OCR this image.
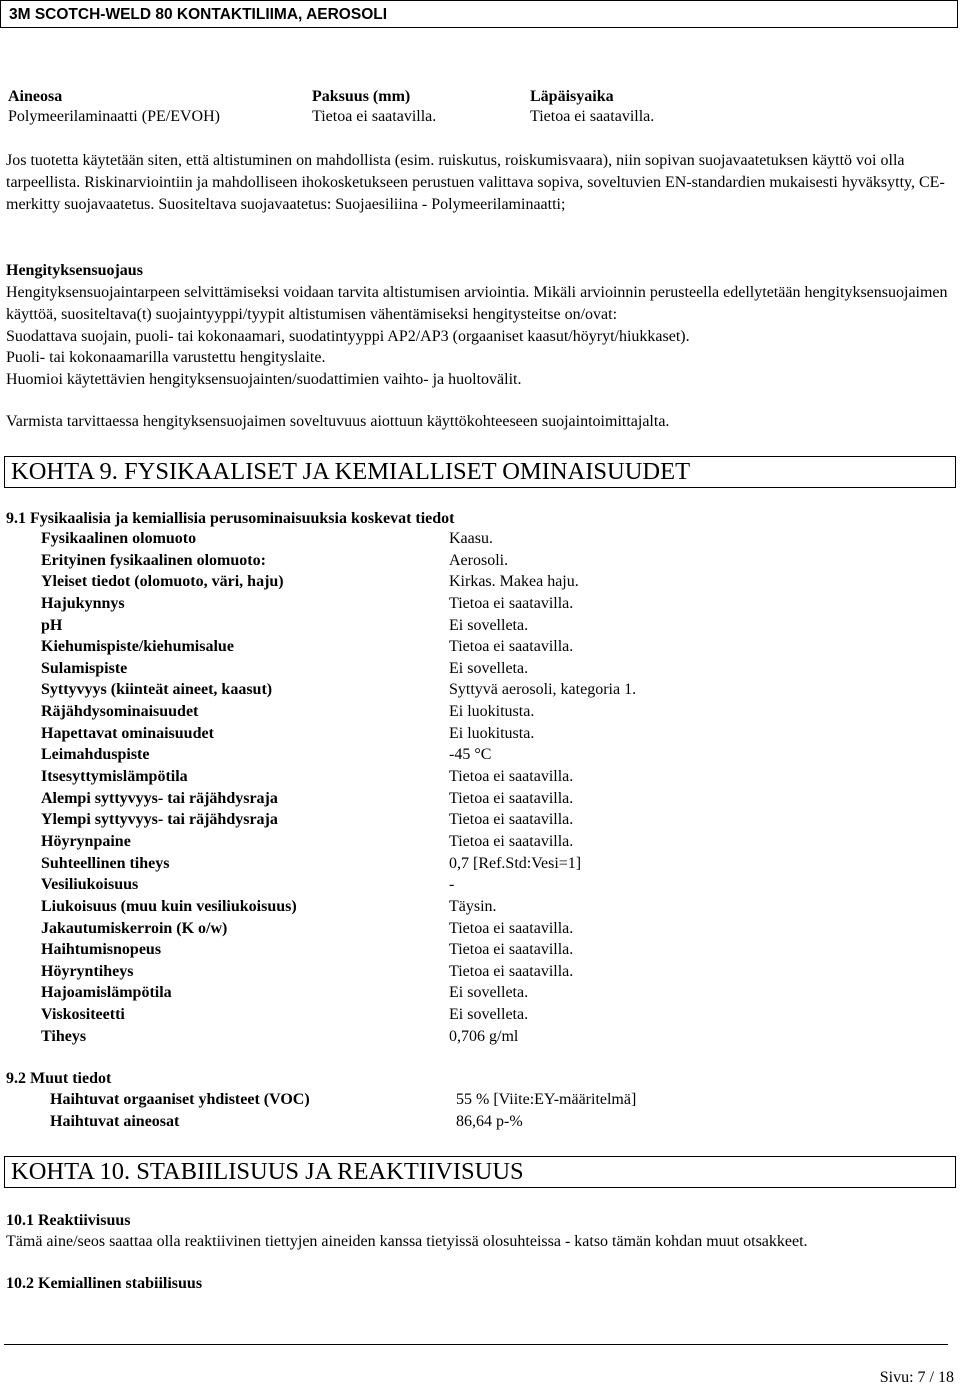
3M SCOTCH-WELD 80 KONTAKTILIIMA, AEROSOLI
Aineosa	Paksuus (mm)	Läpäisyaika
Polymeerilaminaatti (PE/EVOH)	Tietoa ei saatavilla.	Tietoa ei saatavilla.
Jos tuotetta käytetään siten, että altistuminen on mahdollista (esim. ruiskutus, roiskumisvaara), niin sopivan suojavaatetuksen käyttö voi olla tarpeellista. Riskinarviointiin ja mahdolliseen ihokosketukseen perustuen valittava sopiva, soveltuvien EN-standardien mukaisesti hyväksytty, CE-merkitty suojavaatetus. Suositeltava suojavaatetus: Suojaesiliina - Polymeerilaminaatti;
Hengityksensuojaus
Hengityksensuojaintarpeen selvittämiseksi voidaan tarvita altistumisen arviointia. Mikäli arvioinnin perusteella edellytetään hengityksensuojaimen käyttöä, suositeltava(t) suojaintyyppi/tyypit altistumisen vähentämiseksi hengitysteitse on/ovat:
Suodattava suojain, puoli- tai kokonaamari, suodatintyyppi AP2/AP3 (orgaaniset kaasut/höyryt/hiukkaset).
Puoli- tai kokonaamarilla varustettu hengityslaite.
Huomioi käytettävien hengityksensuojainten/suodattimien vaihto- ja huoltovälit.
Varmista tarvittaessa hengityksensuojaimen soveltuvuus aiottuun käyttökohteeseen suojaintoimittajalta.
KOHTA 9. FYSIKAALISET JA KEMIALLISET OMINAISUUDET
9.1 Fysikaalisia ja kemiallisia perusominaisuuksia koskevat tiedot
Fysikaalinen olomuoto	Kaasu.
Erityinen fysikaalinen olomuoto:	Aerosoli.
Yleiset tiedot (olomuoto, väri, haju)	Kirkas. Makea haju.
Hajukynnys	Tietoa ei saatavilla.
pH	Ei sovelleta.
Kiehumispiste/kiehumisalue	Tietoa ei saatavilla.
Sulamispiste	Ei sovelleta.
Syttyvyys (kiinteät aineet, kaasut)	Syttyvä aerosoli, kategoria 1.
Räjähdysominaisuudet	Ei luokitusta.
Hapettavat ominaisuudet	Ei luokitusta.
Leimahduspiste	-45 °C
Itsesyttymislämpötila	Tietoa ei saatavilla.
Alempi syttyvyys- tai räjähdysraja	Tietoa ei saatavilla.
Ylempi syttyvyys- tai räjähdysraja	Tietoa ei saatavilla.
Höyrynpaine	Tietoa ei saatavilla.
Suhteellinen tiheys	0,7 [Ref.Std:Vesi=1]
Vesiliukoisuus	-
Liukoisuus (muu kuin vesiliukoisuus)	Täysin.
Jakautumiskerroin (K o/w)	Tietoa ei saatavilla.
Haihtumisnopeus	Tietoa ei saatavilla.
Höyryntiheys	Tietoa ei saatavilla.
Hajoamislämpötila	Ei sovelleta.
Viskositeetti	Ei sovelleta.
Tiheys	0,706 g/ml
9.2 Muut tiedot
Haihtuvat orgaaniset yhdisteet (VOC)	55 % [Viite:EY-määritelmä]
Haihtuvat aineosat	86,64 p-%
KOHTA 10. STABIILISUUS JA REAKTIIVISUUS
10.1 Reaktiivisuus
Tämä aine/seos saattaa olla reaktiivinen tiettyjen aineiden kanssa tietyissä olosuhteissa - katso tämän kohdan muut otsakkeet.
10.2 Kemiallinen stabiilisuus
Sivu: 7 / 18
